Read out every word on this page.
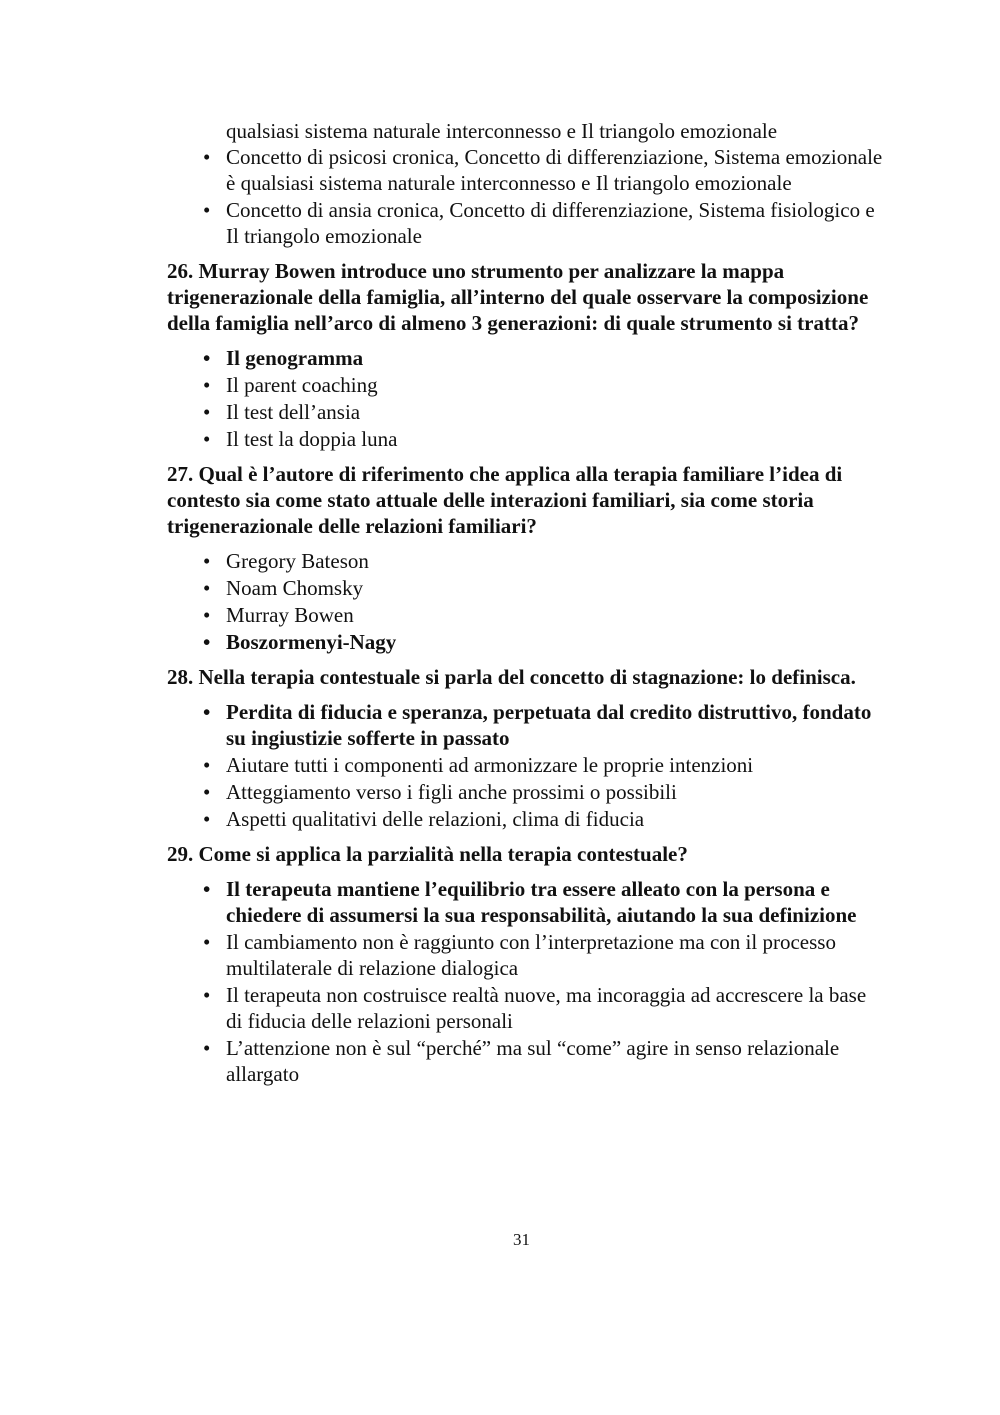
qualsiasi sistema naturale interconnesso e Il triangolo emozionale
• Concetto di psicosi cronica, Concetto di differenziazione, Sistema emozionale è qualsiasi sistema naturale interconnesso e Il triangolo emozionale
• Concetto di ansia cronica, Concetto di differenziazione, Sistema fisiologico e Il triangolo emozionale
26. Murray Bowen introduce uno strumento per analizzare la mappa trigenerazionale della famiglia, all’interno del quale osservare la composizione della famiglia nell’arco di almeno 3 generazioni: di quale strumento si tratta?
• Il genogramma
• Il parent coaching
• Il test dell’ansia
• Il test la doppia luna
27. Qual è l’autore di riferimento che applica alla terapia familiare l’idea di contesto sia come stato attuale delle interazioni familiari, sia come storia trigenerazionale delle relazioni familiari?
• Gregory Bateson
• Noam Chomsky
• Murray Bowen
• Boszormenyi-Nagy
28. Nella terapia contestuale si parla del concetto di stagnazione: lo definisca.
• Perdita di fiducia e speranza, perpetuata dal credito distruttivo, fondato su ingiustizie sofferte in passato
• Aiutare tutti i componenti ad armonizzare le proprie intenzioni
• Atteggiamento verso i figli anche prossimi o possibili
• Aspetti qualitativi delle relazioni, clima di fiducia
29. Come si applica la parzialità nella terapia contestuale?
• Il terapeuta mantiene l’equilibrio tra essere alleato con la persona e chiedere di assumersi la sua responsabilità, aiutando la sua definizione
• Il cambiamento non è raggiunto con l’interpretazione ma con il processo multilaterale di relazione dialogica
• Il terapeuta non costruisce realtà nuove, ma incoraggia ad accrescere la base di fiducia delle relazioni personali
• L’attenzione non è sul “perché” ma sul “come” agire in senso relazionale allargato
31
